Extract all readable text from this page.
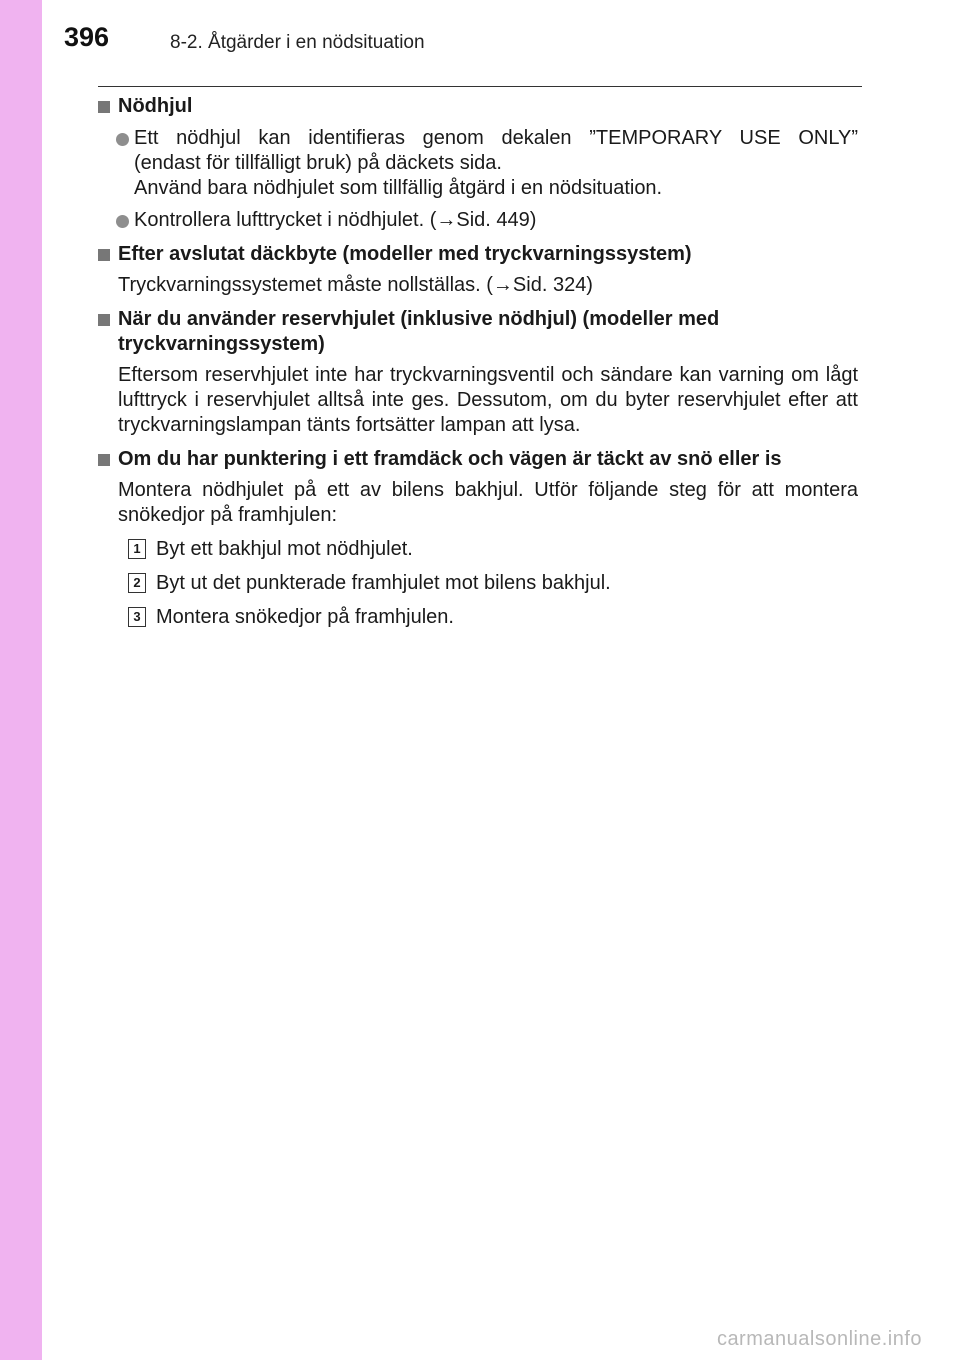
396	8-2. Åtgärder i en nödsituation
Nödhjul
Ett nödhjul kan identifieras genom dekalen ”TEMPORARY USE ONLY”
(endast för tillfälligt bruk) på däckets sida.
Använd bara nödhjulet som tillfällig åtgärd i en nödsituation.
Kontrollera lufttrycket i nödhjulet. (→Sid. 449)
Efter avslutat däckbyte (modeller med tryckvarningssystem)
Tryckvarningssystemet måste nollställas. (→Sid. 324)
När du använder reservhjulet (inklusive nödhjul) (modeller med tryckvarningssystem)
Eftersom reservhjulet inte har tryckvarningsventil och sändare kan varning om lågt lufttryck i reservhjulet alltså inte ges. Dessutom, om du byter reservhjulet efter att tryckvarningslampan tänts fortsätter lampan att lysa.
Om du har punktering i ett framdäck och vägen är täckt av snö eller is
Montera nödhjulet på ett av bilens bakhjul. Utför följande steg för att montera snökedjor på framhjulen:
1 Byt ett bakhjul mot nödhjulet.
2 Byt ut det punkterade framhjulet mot bilens bakhjul.
3 Montera snökedjor på framhjulen.
carmanualsonline.info
